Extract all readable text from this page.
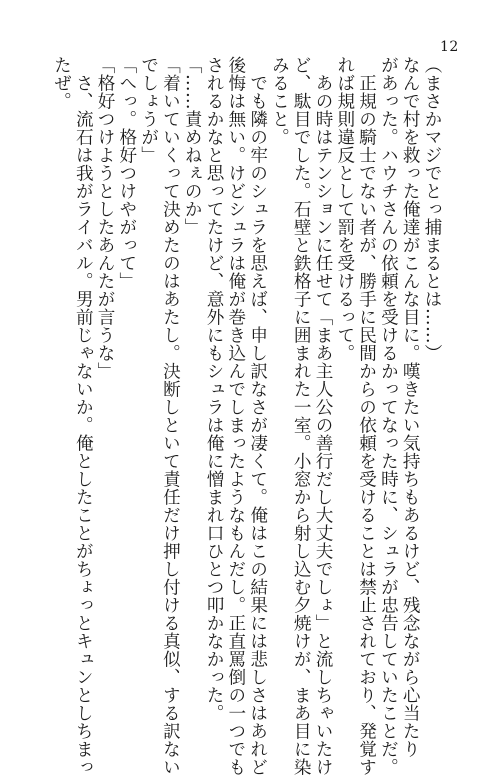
12
（まさかマジでとっ捕まるとは……）
なんで村を救った俺達がこんな目に。嘆きたい気持ちもあるけど、残念ながら心当たり
があった。ハウチさんの依頼を受けるかってなった時に、シュラが忠告していたことだ。
　正規の騎士でない者が、勝手に民間からの依頼を受けることは禁止されており、発覚す
れば規則違反として罰を受けるって。
　あの時はテンションに任せて「まあ主人公の善行だし大丈夫でしょ」と流しちゃいたけ
ど、駄目でした。石壁と鉄格子に囲まれた一室。小窓から射し込む夕焼けが、まあ目に染
みること。
　でも隣の牢のシュラを思えば、申し訳なさが凄くて。俺はこの結果には悲しさはあれど
後悔は無い。けどシュラは俺が巻き込んでしまったようなもんだし。正直罵倒の一つでも
されるかなと思ってたけど、意外にもシュラは俺に憎まれ口ひとつ叩かなかった。
「……責めねぇのか」
「着いていくって決めたのはあたし。決断しといて責任だけ押し付ける真似、する訳ない
でしょうが」
「へっ。格好つけやがって」
「格好つけようとしたあんたが言うな」
　さ、流石は我がライバル。男前じゃないか。俺としたことがちょっとキュンとしちまっ
たぜ。
